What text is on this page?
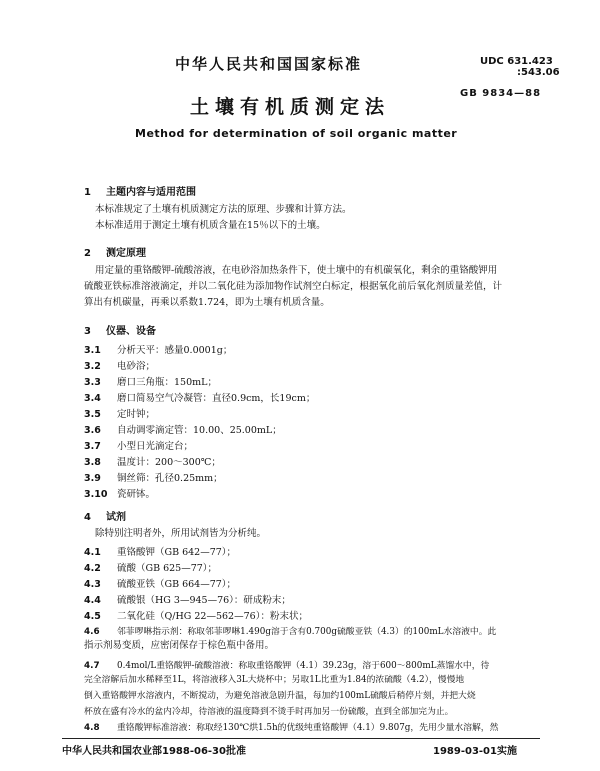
中华人民共和国国家标准	UDC 631.423
:543.06
GB 9834—88
土壤有机质测定法
Method for determination of soil organic matter
1 主题内容与适用范围
本标准规定了土壤有机质测定方法的原理、步骤和计算方法。
本标准适用于测定土壤有机质含量在15％以下的土壤。
2 测定原理
用定量的重铬酸钾-硫酸溶液，在电砂浴加热条件下，使土壤中的有机碳氧化，剩余的重铬酸钾用
硫酸亚铁标准溶液滴定，并以二氧化硅为添加物作试剂空白标定，根据氧化前后氧化剂质量差值，计
算出有机碳量，再乘以系数1.724，即为土壤有机质含量。
3 仪器、设备
3.1 分析天平：感量0.0001g；
3.2 电砂浴；
3.3 磨口三角瓶：150mL；
3.4 磨口简易空气冷凝管：直径0.9cm，长19cm；
3.5 定时钟；
3.6 自动调零滴定管：10.00、25.00mL；
3.7 小型日光滴定台；
3.8 温度计：200～300℃；
3.9 铜丝筛：孔径0.25mm；
3.10 瓷研钵。
4 试剂
除特别注明者外，所用试剂皆为分析纯。
4.1 重铬酸钾（GB 642—77）；
4.2 硫酸（GB 625—77）；
4.3 硫酸亚铁（GB 664—77）；
4.4 硫酸银（HG 3—945—76）：研成粉末；
4.5 二氧化硅（Q/HG 22—562—76）：粉末状；
4.6 邻菲啰啉指示剂：称取邻菲啰啉1.490g溶于含有0.700g硫酸亚铁（4.3）的100mL水溶液中。此
指示剂易变质，应密闭保存于棕色瓶中备用。
4.7 0.4mol/L重铬酸钾-硫酸溶液：称取重铬酸钾（4.1）39.23g，溶于600～800mL蒸馏水中，待
完全溶解后加水稀释至1L，将溶液移入3L大烧杯中；另取1L比重为1.84的浓硫酸（4.2），慢慢地
倒入重铬酸钾水溶液内，不断搅动，为避免溶液急剧升温，每加约100mL硫酸后稍停片刻，并把大烧
杯放在盛有冷水的盆内冷却，待溶液的温度降到不烫手时再加另一份硫酸，直到全部加完为止。
4.8 重铬酸钾标准溶液：称取经130℃烘1.5h的优级纯重铬酸钾（4.1）9.807g，先用少量水溶解，然
中华人民共和国农业部1988-06-30批准	1989-03-01实施
